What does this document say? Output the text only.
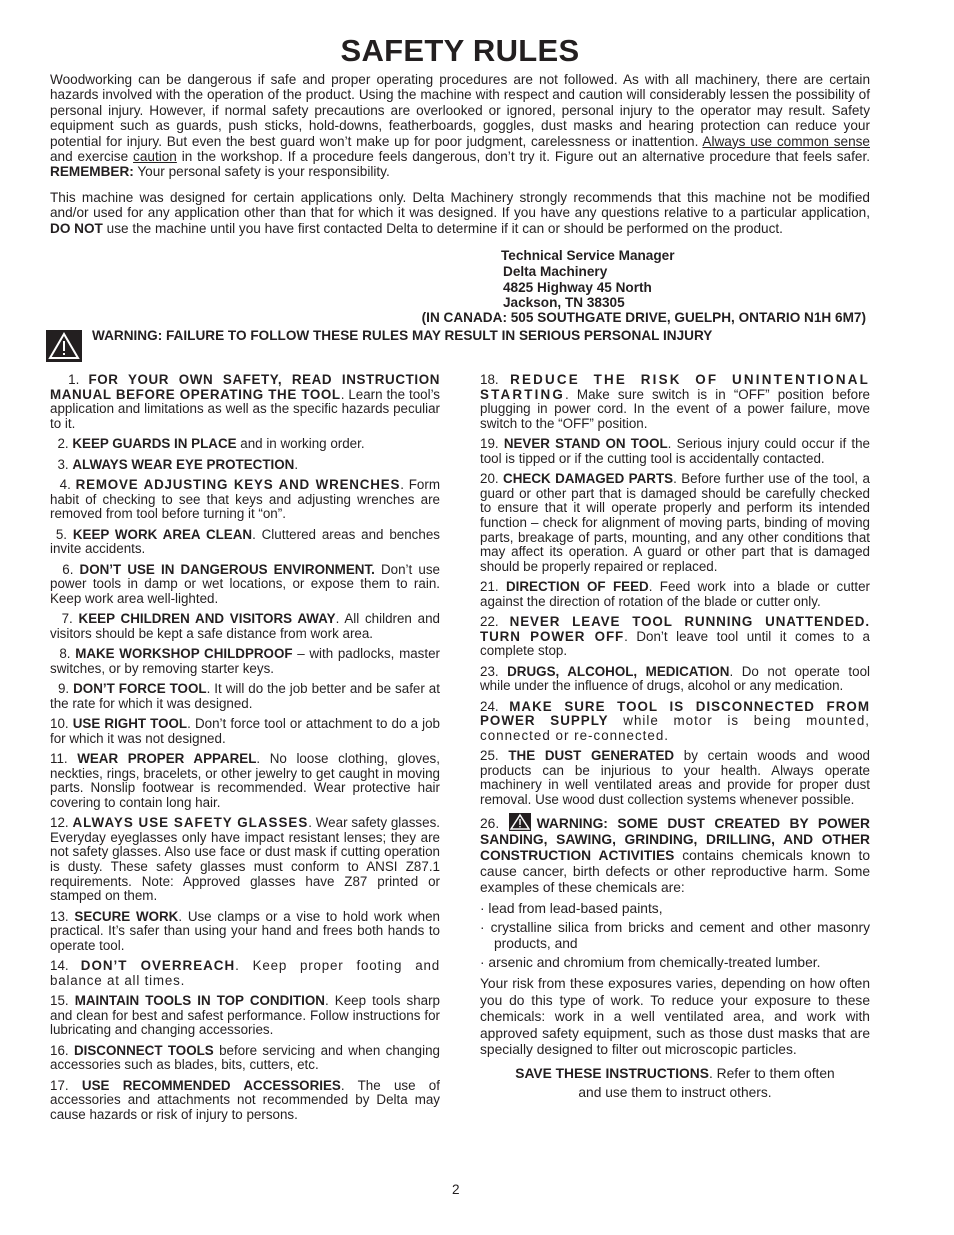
SAFETY RULES

Woodworking can be dangerous if safe and proper operating procedures are not followed. As with all machinery, there are certain hazards involved with the operation of the product. Using the machine with respect and caution will considerably lessen the possibility of personal injury. However, if normal safety precautions are overlooked or ignored, personal injury to the operator may result. Safety equipment such as guards, push sticks, hold-downs, featherboards, goggles, dust masks and hearing protection can reduce your potential for injury. But even the best guard won’t make up for poor judgment, carelessness or inattention. Always use common sense and exercise caution in the workshop. If a procedure feels dangerous, don’t try it. Figure out an alternative procedure that feels safer. REMEMBER: Your personal safety is your responsibility.

This machine was designed for certain applications only. Delta Machinery strongly recommends that this machine not be modified and/or used for any application other than that for which it was designed. If you have any questions relative to a particular application, DO NOT use the machine until you have first contacted Delta to determine if it can or should be performed on the product.

Technical Service Manager
Delta Machinery
4825 Highway 45 North
Jackson, TN 38305
(IN CANADA: 505 SOUTHGATE DRIVE, GUELPH, ONTARIO N1H 6M7)
WARNING: FAILURE TO FOLLOW THESE RULES MAY RESULT IN SERIOUS PERSONAL INJURY

1. FOR YOUR OWN SAFETY, READ INSTRUCTION MANUAL BEFORE OPERATING THE TOOL. Learn the tool’s application and limitations as well as the specific hazards peculiar to it.

2. KEEP GUARDS IN PLACE and in working order.

3. ALWAYS WEAR EYE PROTECTION.

4. REMOVE ADJUSTING KEYS AND WRENCHES. Form habit of checking to see that keys and adjusting wrenches are removed from tool before turning it “on”.

5. KEEP WORK AREA CLEAN. Cluttered areas and benches invite accidents.

6. DON’T USE IN DANGEROUS ENVIRONMENT. Don’t use power tools in damp or wet locations, or expose them to rain. Keep work area well-lighted.

7. KEEP CHILDREN AND VISITORS AWAY. All children and visitors should be kept a safe distance from work area.

8. MAKE WORKSHOP CHILDPROOF – with padlocks, master switches, or by removing starter keys.

9. DON’T FORCE TOOL. It will do the job better and be safer at the rate for which it was designed.

10. USE RIGHT TOOL. Don’t force tool or attachment to do a job for which it was not designed.

11. WEAR PROPER APPAREL. No loose clothing, gloves, neckties, rings, bracelets, or other jewelry to get caught in moving parts. Nonslip footwear is recommended. Wear protective hair covering to contain long hair.

12. ALWAYS USE SAFETY GLASSES. Wear safety glasses. Everyday eyeglasses only have impact resistant lenses; they are not safety glasses. Also use face or dust mask if cutting operation is dusty. These safety glasses must conform to ANSI Z87.1 requirements. Note: Approved glasses have Z87 printed or stamped on them.

13. SECURE WORK. Use clamps or a vise to hold work when practical. It’s safer than using your hand and frees both hands to operate tool.

14. DON’T OVERREACH. Keep proper footing and balance at all times.

15. MAINTAIN TOOLS IN TOP CONDITION. Keep tools sharp and clean for best and safest performance. Follow instructions for lubricating and changing accessories.

16. DISCONNECT TOOLS before servicing and when changing accessories such as blades, bits, cutters, etc.

17. USE RECOMMENDED ACCESSORIES. The use of accessories and attachments not recommended by Delta may cause hazards or risk of injury to persons.

18. REDUCE THE RISK OF UNINTENTIONAL STARTING. Make sure switch is in “OFF” position before plugging in power cord. In the event of a power failure, move switch to the “OFF” position.

19. NEVER STAND ON TOOL. Serious injury could occur if the tool is tipped or if the cutting tool is accidentally contacted.

20. CHECK DAMAGED PARTS. Before further use of the tool, a guard or other part that is damaged should be carefully checked to ensure that it will operate properly and perform its intended function – check for alignment of moving parts, binding of moving parts, breakage of parts, mounting, and any other conditions that may affect its operation. A guard or other part that is damaged should be properly repaired or replaced.

21. DIRECTION OF FEED. Feed work into a blade or cutter against the direction of rotation of the blade or cutter only.

22. NEVER LEAVE TOOL RUNNING UNATTENDED. TURN POWER OFF. Don’t leave tool until it comes to a complete stop.

23. DRUGS, ALCOHOL, MEDICATION. Do not operate tool while under the influence of drugs, alcohol or any medication.

24. MAKE SURE TOOL IS DISCONNECTED FROM POWER SUPPLY while motor is being mounted, connected or re-connected.

25. THE DUST GENERATED by certain woods and wood products can be injurious to your health. Always operate machinery in well ventilated areas and provide for proper dust removal. Use wood dust collection systems whenever possible.

26.	WARNING: SOME DUST CREATED BY POWER SANDING, SAWING, GRINDING, DRILLING, AND OTHER CONSTRUCTION ACTIVITIES contains chemicals known to cause cancer, birth defects or other reproductive harm. Some examples of these chemicals are:

· lead from lead-based paints,

· crystalline silica from bricks and cement and other masonry products, and

· arsenic and chromium from chemically-treated lumber.

Your risk from these exposures varies, depending on how often you do this type of work. To reduce your exposure to these chemicals: work in a well ventilated area, and work with approved safety equipment, such as those dust masks that are specially designed to filter out microscopic particles.

SAVE THESE INSTRUCTIONS. Refer to them often
and use them to instruct others.
2
